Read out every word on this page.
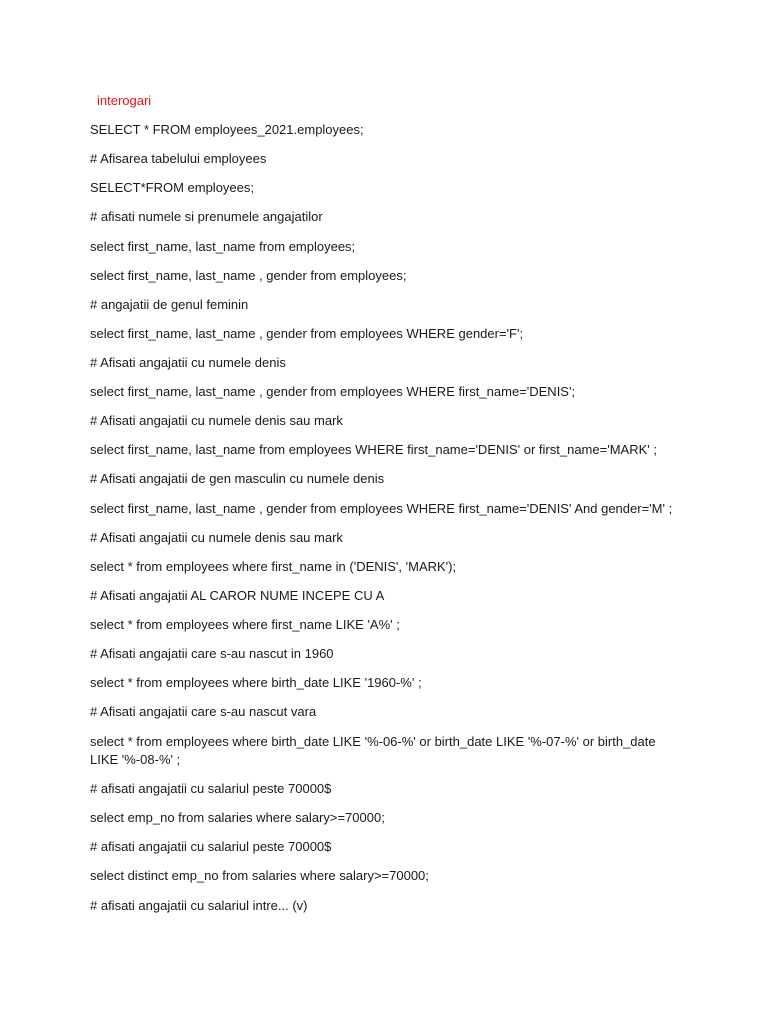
interogari
SELECT * FROM employees_2021.employees;
# Afisarea tabelului employees
SELECT*FROM employees;
# afisati numele si prenumele angajatilor
select first_name, last_name from employees;
select first_name, last_name , gender from employees;
# angajatii de genul feminin
select first_name, last_name , gender from employees WHERE gender='F';
# Afisati angajatii cu numele denis
select first_name, last_name , gender from employees WHERE first_name='DENIS';
# Afisati angajatii cu numele denis sau mark
select first_name, last_name from employees WHERE first_name='DENIS' or first_name='MARK' ;
# Afisati angajatii de gen masculin cu numele denis
select first_name, last_name , gender from employees WHERE first_name='DENIS' And gender='M' ;
# Afisati angajatii cu numele denis sau mark
select * from employees where first_name in ('DENIS', 'MARK');
# Afisati angajatii AL CAROR NUME INCEPE CU A
select * from employees where first_name LIKE 'A%' ;
# Afisati angajatii care s-au nascut in 1960
select * from employees where birth_date LIKE '1960-%' ;
# Afisati angajatii care s-au nascut vara
select * from employees where birth_date LIKE '%-06-%' or birth_date LIKE '%-07-%' or birth_date LIKE '%-08-%' ;
# afisati angajatii cu salariul peste 70000$
select emp_no from salaries where salary>=70000;
# afisati angajatii cu salariul peste 70000$
select distinct emp_no from salaries where salary>=70000;
# afisati angajatii cu salariul intre... (v)
